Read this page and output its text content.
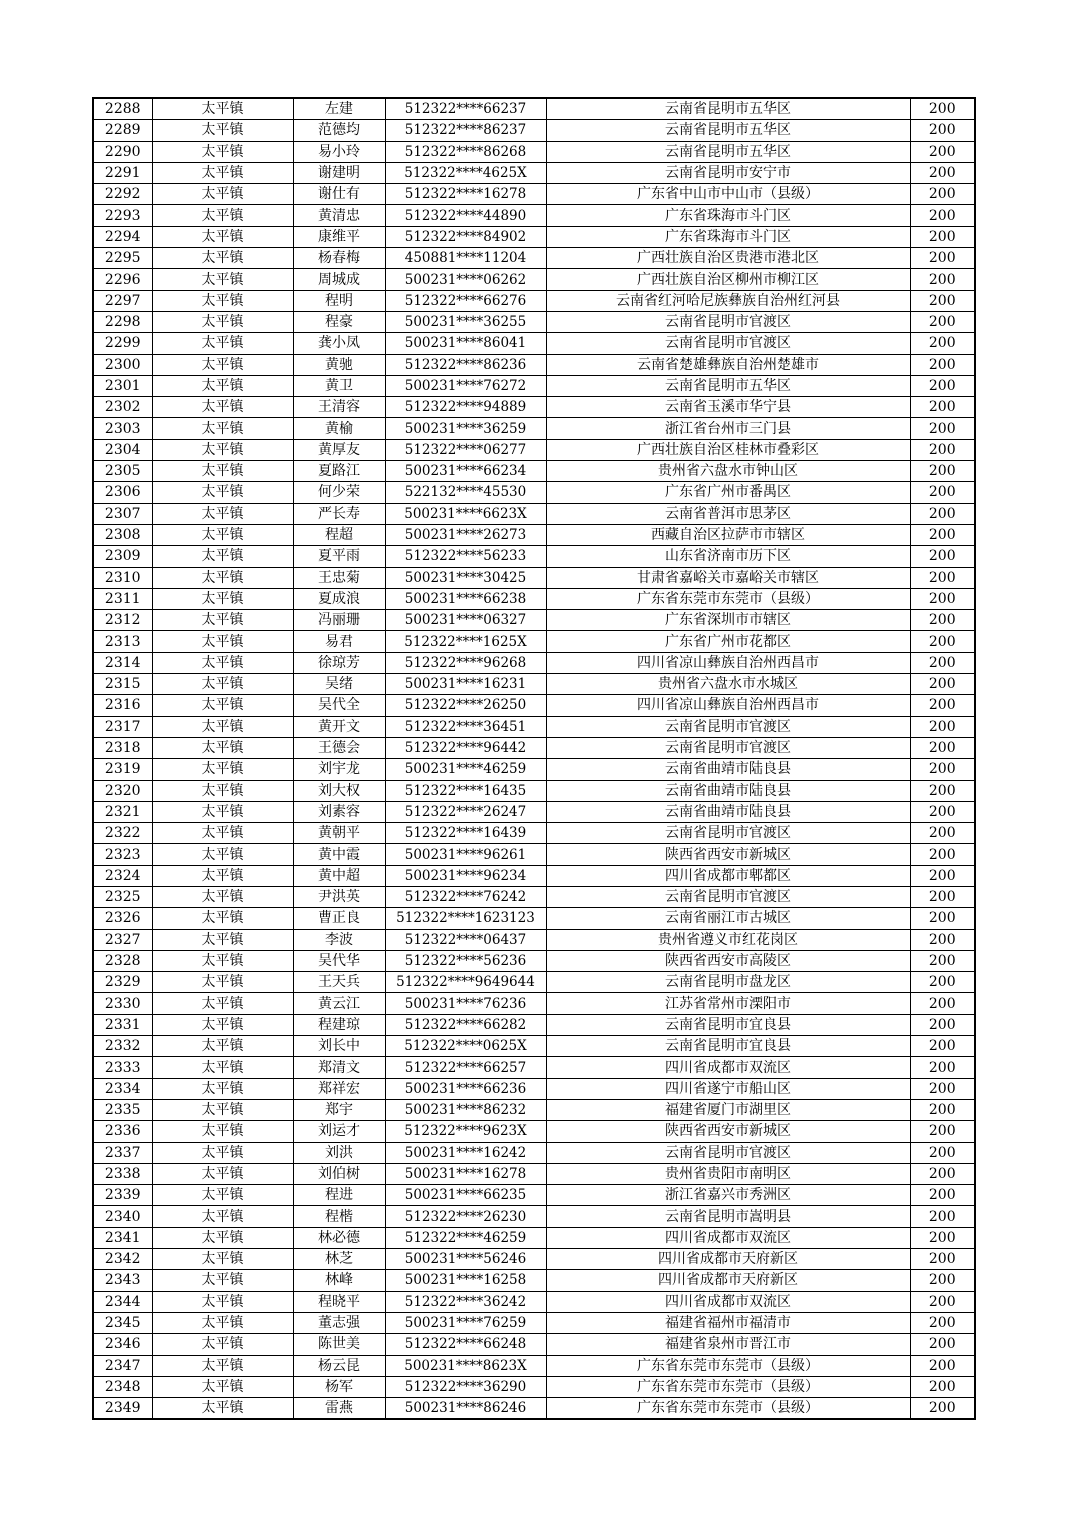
2288	太平镇	左建	512322****66237	云南省昆明市五华区	200
2289	太平镇	范德均	512322****86237	云南省昆明市五华区	200
2290	太平镇	易小玲	512322****86268	云南省昆明市五华区	200
2291	太平镇	谢建明	512322****4625X	云南省昆明市安宁市	200
2292	太平镇	谢仕有	512322****16278	广东省中山市中山市（县级）	200
2293	太平镇	黄清忠	512322****44890	广东省珠海市斗门区	200
2294	太平镇	康维平	512322****84902	广东省珠海市斗门区	200
2295	太平镇	杨春梅	450881****11204	广西壮族自治区贵港市港北区	200
2296	太平镇	周城成	500231****06262	广西壮族自治区柳州市柳江区	200
2297	太平镇	程明	512322****66276	云南省红河哈尼族彝族自治州红河县	200
2298	太平镇	程豪	500231****36255	云南省昆明市官渡区	200
2299	太平镇	龚小凤	500231****86041	云南省昆明市官渡区	200
2300	太平镇	黄驰	512322****86236	云南省楚雄彝族自治州楚雄市	200
2301	太平镇	黄卫	500231****76272	云南省昆明市五华区	200
2302	太平镇	王清容	512322****94889	云南省玉溪市华宁县	200
2303	太平镇	黄榆	500231****36259	浙江省台州市三门县	200
2304	太平镇	黄厚友	512322****06277	广西壮族自治区桂林市叠彩区	200
2305	太平镇	夏路江	500231****66234	贵州省六盘水市钟山区	200
2306	太平镇	何少荣	522132****45530	广东省广州市番禺区	200
2307	太平镇	严长寿	500231****6623X	云南省普洱市思茅区	200
2308	太平镇	程超	500231****26273	西藏自治区拉萨市市辖区	200
2309	太平镇	夏平雨	512322****56233	山东省济南市历下区	200
2310	太平镇	王忠菊	500231****30425	甘肃省嘉峪关市嘉峪关市辖区	200
2311	太平镇	夏成浪	500231****66238	广东省东莞市东莞市（县级）	200
2312	太平镇	冯丽珊	500231****06327	广东省深圳市市辖区	200
2313	太平镇	易君	512322****1625X	广东省广州市花都区	200
2314	太平镇	徐琼芳	512322****96268	四川省凉山彝族自治州西昌市	200
2315	太平镇	吴绪	500231****16231	贵州省六盘水市水城区	200
2316	太平镇	吴代全	512322****26250	四川省凉山彝族自治州西昌市	200
2317	太平镇	黄开文	512322****36451	云南省昆明市官渡区	200
2318	太平镇	王德会	512322****96442	云南省昆明市官渡区	200
2319	太平镇	刘宇龙	500231****46259	云南省曲靖市陆良县	200
2320	太平镇	刘大权	512322****16435	云南省曲靖市陆良县	200
2321	太平镇	刘素容	512322****26247	云南省曲靖市陆良县	200
2322	太平镇	黄朝平	512322****16439	云南省昆明市官渡区	200
2323	太平镇	黄中霞	500231****96261	陕西省西安市新城区	200
2324	太平镇	黄中超	500231****96234	四川省成都市郫都区	200
2325	太平镇	尹洪英	512322****76242	云南省昆明市官渡区	200
2326	太平镇	曹正良	512322****1623123	云南省丽江市古城区	200
2327	太平镇	李波	512322****06437	贵州省遵义市红花岗区	200
2328	太平镇	吴代华	512322****56236	陕西省西安市高陵区	200
2329	太平镇	王天兵	512322****9649644	云南省昆明市盘龙区	200
2330	太平镇	黄云江	500231****76236	江苏省常州市溧阳市	200
2331	太平镇	程建琼	512322****66282	云南省昆明市宜良县	200
2332	太平镇	刘长中	512322****0625X	云南省昆明市宜良县	200
2333	太平镇	郑清文	512322****66257	四川省成都市双流区	200
2334	太平镇	郑祥宏	500231****66236	四川省遂宁市船山区	200
2335	太平镇	郑宇	500231****86232	福建省厦门市湖里区	200
2336	太平镇	刘运才	512322****9623X	陕西省西安市新城区	200
2337	太平镇	刘洪	500231****16242	云南省昆明市官渡区	200
2338	太平镇	刘伯树	500231****16278	贵州省贵阳市南明区	200
2339	太平镇	程进	500231****66235	浙江省嘉兴市秀洲区	200
2340	太平镇	程楷	512322****26230	云南省昆明市嵩明县	200
2341	太平镇	林必德	512322****46259	四川省成都市双流区	200
2342	太平镇	林芝	500231****56246	四川省成都市天府新区	200
2343	太平镇	林峰	500231****16258	四川省成都市天府新区	200
2344	太平镇	程晓平	512322****36242	四川省成都市双流区	200
2345	太平镇	董志强	500231****76259	福建省福州市福清市	200
2346	太平镇	陈世美	512322****66248	福建省泉州市晋江市	200
2347	太平镇	杨云昆	500231****8623X	广东省东莞市东莞市（县级）	200
2348	太平镇	杨军	512322****36290	广东省东莞市东莞市（县级）	200
2349	太平镇	雷燕	500231****86246	广东省东莞市东莞市（县级）	200
